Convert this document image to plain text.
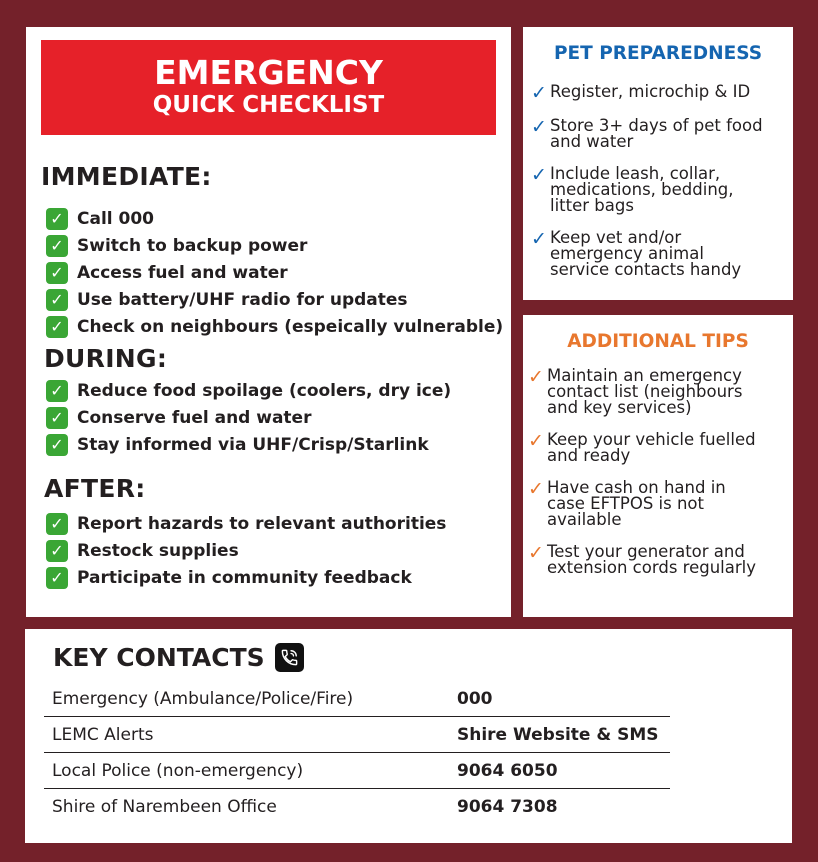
EMERGENCY
QUICK CHECKLIST
IMMEDIATE:
✓ Call 000
✓ Switch to backup power
✓ Access fuel and water
✓ Use battery/UHF radio for updates
✓ Check on neighbours (espeically vulnerable)
DURING:
✓ Reduce food spoilage (coolers, dry ice)
✓ Conserve fuel and water
✓ Stay informed via UHF/Crisp/Starlink
AFTER:
✓ Report hazards to relevant authorities
✓ Restock supplies
✓ Participate in community feedback
PET PREPAREDNESS
✓ Register, microchip & ID
✓ Store 3+ days of pet food
and water
✓ Include leash, collar,
medications, bedding,
litter bags
✓ Keep vet and/or
emergency animal
service contacts handy
ADDITIONAL TIPS
✓ Maintain an emergency
contact list (neighbours
and key services)
✓ Keep your vehicle fuelled
and ready
✓ Have cash on hand in
case EFTPOS is not
available
✓ Test your generator and
extension cords regularly
KEY CONTACTS
Emergency (Ambulance/Police/Fire)	000
LEMC Alerts	Shire Website & SMS
Local Police (non-emergency)	9064 6050
Shire of Narembeen Office	9064 7308
